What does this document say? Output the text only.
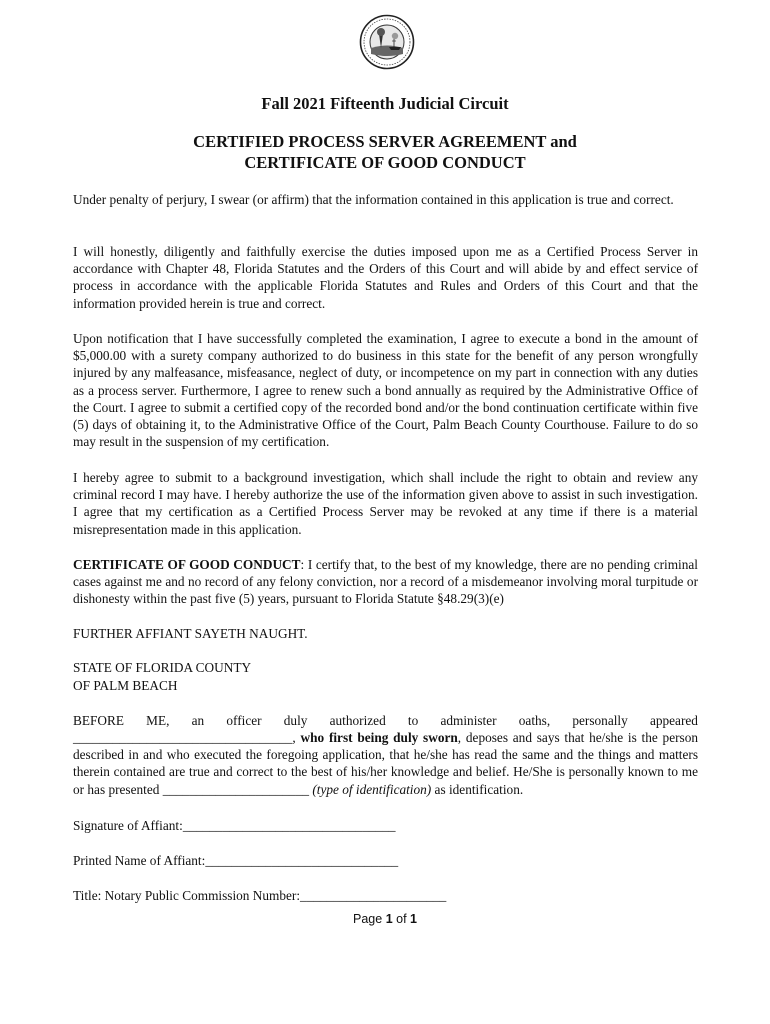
Fall 2021 Fifteenth Judicial Circuit
CERTIFIED PROCESS SERVER AGREEMENT and
CERTIFICATE OF GOOD CONDUCT
Under penalty of perjury, I swear (or affirm) that the information contained in this application is true and correct.
I will honestly, diligently and faithfully exercise the duties imposed upon me as a Certified Process Server in accordance with Chapter 48, Florida Statutes and the Orders of this Court and will abide by and effect service of process in accordance with the applicable Florida Statutes and Rules and Orders of this Court and that the information provided herein is true and correct.
Upon notification that I have successfully completed the examination, I agree to execute a bond in the amount of $5,000.00 with a surety company authorized to do business in this state for the benefit of any person wrongfully injured by any malfeasance, misfeasance, neglect of duty, or incompetence on my part in connection with any duties as a process server. Furthermore, I agree to renew such a bond annually as required by the Administrative Office of the Court. I agree to submit a certified copy of the recorded bond and/or the bond continuation certificate within five (5) days of obtaining it, to the Administrative Office of the Court, Palm Beach County Courthouse. Failure to do so may result in the suspension of my certification.
I hereby agree to submit to a background investigation, which shall include the right to obtain and review any criminal record I may have. I hereby authorize the use of the information given above to assist in such investigation. I agree that my certification as a Certified Process Server may be revoked at any time if there is a material misrepresentation made in this application.
CERTIFICATE OF GOOD CONDUCT: I certify that, to the best of my knowledge, there are no pending criminal cases against me and no record of any felony conviction, nor a record of a misdemeanor involving moral turpitude or dishonesty within the past five (5) years, pursuant to Florida Statute §48.29(3)(e)
FURTHER AFFIANT SAYETH NAUGHT.
STATE OF FLORIDA COUNTY
OF PALM BEACH
BEFORE ME, an officer duly authorized to administer oaths, personally appeared
_________________________________, who first being duly sworn, deposes and says that he/she is the person described in and who executed the foregoing application, that he/she has read the same and the things and matters therein contained are true and correct to the best of his/her knowledge and belief. He/She is personally known to me or has presented ______________________ (type of identification) as identification.
Signature of Affiant:________________________________
Printed Name of Affiant:_____________________________
Title: Notary Public Commission Number:______________________
Page 1 of 1
